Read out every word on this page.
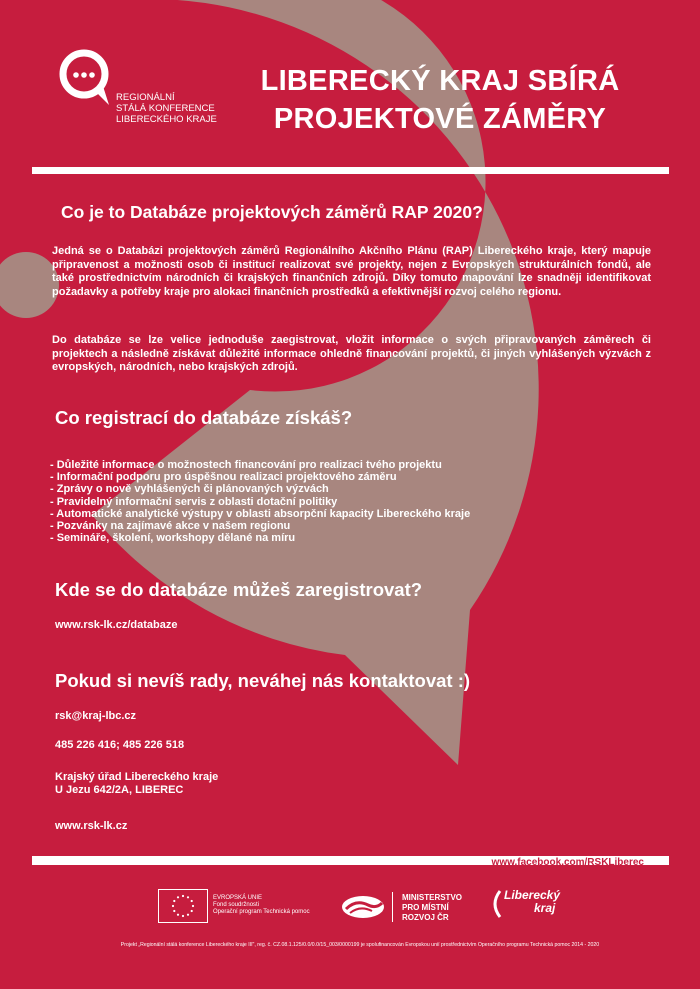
REGIONÁLNÍ
STÁLÁ KONFERENCE
LIBERECKÉHO KRAJE
LIBERECKÝ KRAJ SBÍRÁ
PROJEKTOVÉ ZÁMĚRY
Co je to Databáze projektových záměrů RAP 2020?

Jedná se o Databázi projektových záměrů Regionálního Akčního Plánu (RAP) Libereckého kraje, který mapuje připravenost a možnosti osob či institucí realizovat své projekty, nejen z Evropských strukturálních fondů, ale také prostřednictvím národních či krajských finančních zdrojů. Díky tomuto mapování lze snadněji identifikovat požadavky a potřeby kraje pro alokaci finančních prostředků a efektivnější rozvoj celého regionu.

Do databáze se lze velice jednoduše zaegistrovat, vložit informace o svých připravovaných záměrech či projektech a následně získávat důležité informace ohledně financování projektů, či jiných vyhlášených výzvách z evropských, národních, nebo krajských zdrojů.

Co registrací do databáze získáš?
- Důležité informace o možnostech financování pro realizaci tvého projektu
- Informační podporu pro úspěšnou realizaci projektového záměru
- Zprávy o nově vyhlášených či plánovaných výzvách
- Pravidelný informační servis z oblasti dotační politiky
- Automatické analytické výstupy v oblasti absorpční kapacity Libereckého kraje
- Pozvánky na zajímavé akce v našem regionu
- Semináře, školení, workshopy dělané na míru
Kde se do databáze můžeš zaregistrovat?
www.rsk-lk.cz/databaze
Pokud si nevíš rady, neváhej nás kontaktovat :)
rsk@kraj-lbc.cz
485 226 416; 485 226 518
Krajský úřad Libereckého kraje
U Jezu 642/2A, LIBEREC
www.rsk-lk.cz
www.facebook.com/RSKLiberec
EVROPSKÁ UNIE
Fond soudržnosti
Operační program Technická pomoc
MINISTERSTVO
PRO MÍSTNÍ
ROZVOJ ČR
Liberecký
kraj
Projekt „Regionální stálá konference Libereckého kraje III", reg. č. CZ.08.1.125/0.0/0.0/15_003/0000199 je spolufinancován Evropskou unií prostřednictvím Operačního programu Technická pomoc 2014 - 2020
